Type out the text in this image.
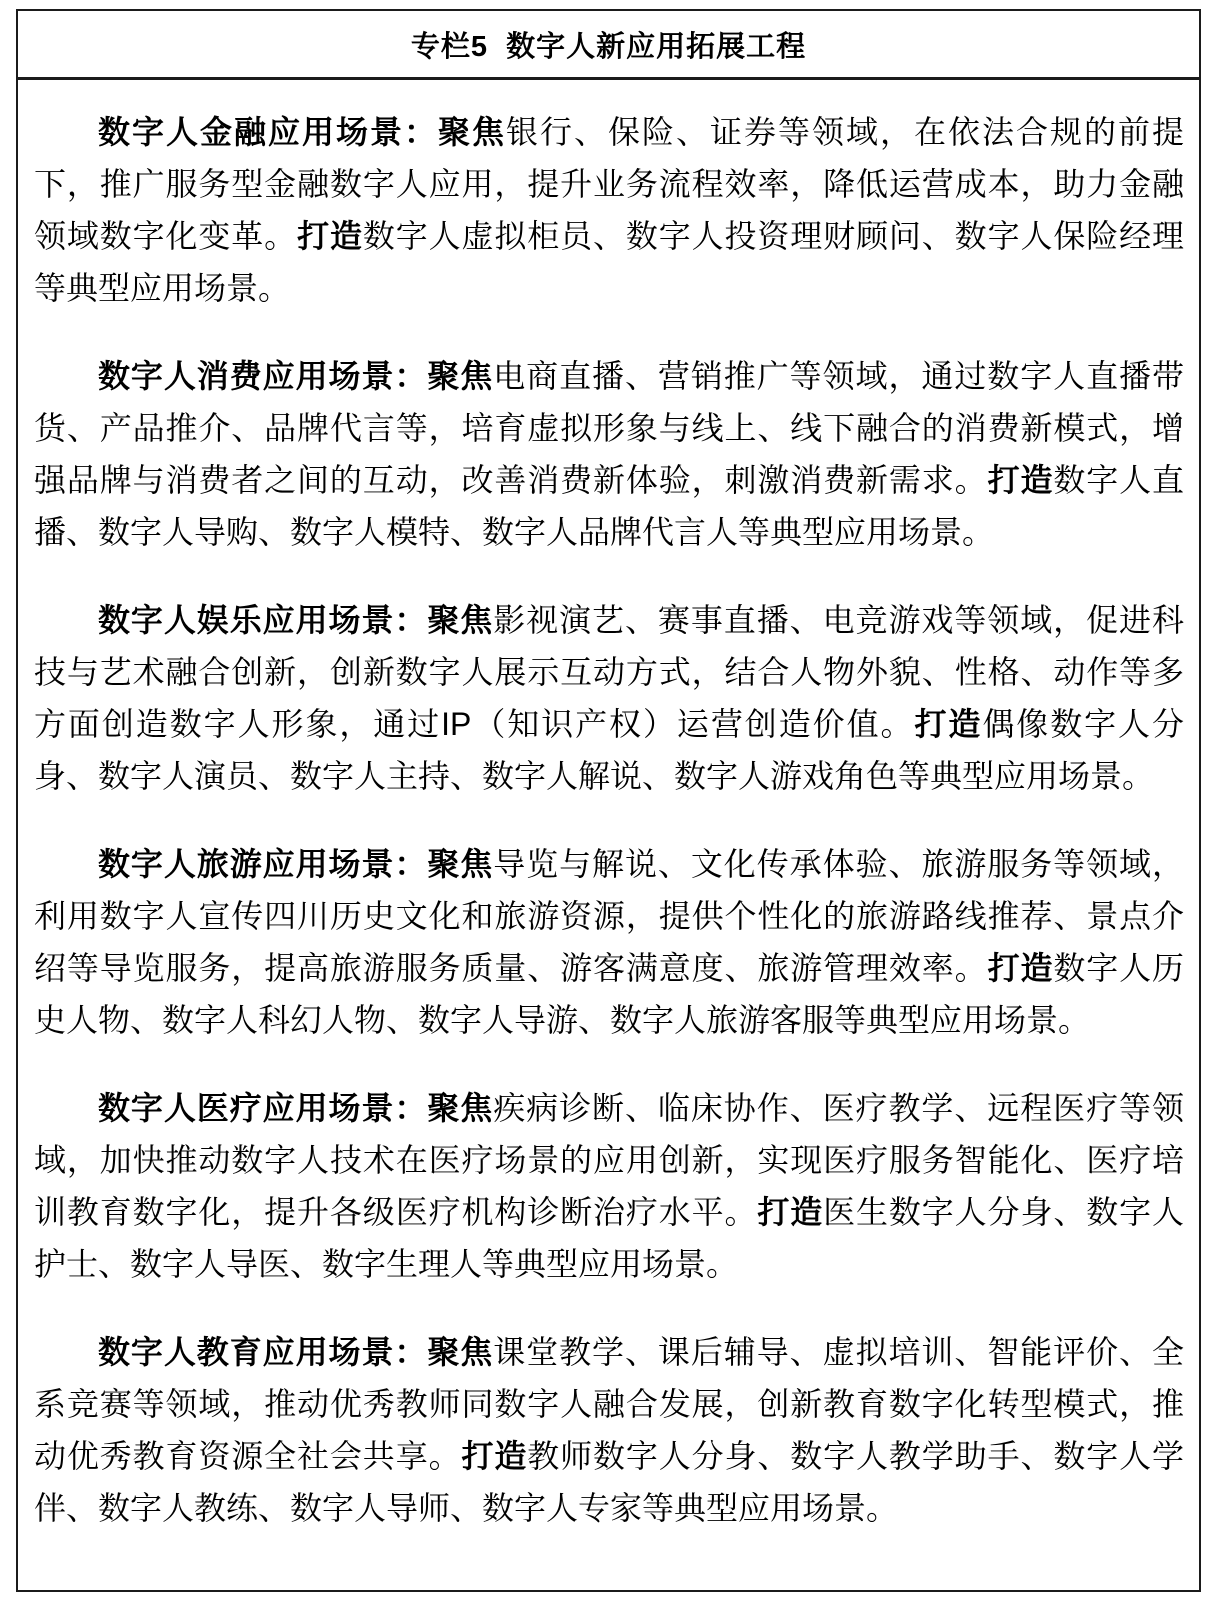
专栏5  数字人新应用拓展工程

数字人金融应用场景：聚焦银行、保险、证券等领域，在依法合规的前提下，推广服务型金融数字人应用，提升业务流程效率，降低运营成本，助力金融领域数字化变革。打造数字人虚拟柜员、数字人投资理财顾问、数字人保险经理等典型应用场景。

数字人消费应用场景：聚焦电商直播、营销推广等领域，通过数字人直播带货、产品推介、品牌代言等，培育虚拟形象与线上、线下融合的消费新模式，增强品牌与消费者之间的互动，改善消费新体验，刺激消费新需求。打造数字人直播、数字人导购、数字人模特、数字人品牌代言人等典型应用场景。

数字人娱乐应用场景：聚焦影视演艺、赛事直播、电竞游戏等领域，促进科技与艺术融合创新，创新数字人展示互动方式，结合人物外貌、性格、动作等多方面创造数字人形象，通过IP（知识产权）运营创造价值。打造偶像数字人分身、数字人演员、数字人主持、数字人解说、数字人游戏角色等典型应用场景。

数字人旅游应用场景：聚焦导览与解说、文化传承体验、旅游服务等领域，利用数字人宣传四川历史文化和旅游资源，提供个性化的旅游路线推荐、景点介绍等导览服务，提高旅游服务质量、游客满意度、旅游管理效率。打造数字人历史人物、数字人科幻人物、数字人导游、数字人旅游客服等典型应用场景。

数字人医疗应用场景：聚焦疾病诊断、临床协作、医疗教学、远程医疗等领域，加快推动数字人技术在医疗场景的应用创新，实现医疗服务智能化、医疗培训教育数字化，提升各级医疗机构诊断治疗水平。打造医生数字人分身、数字人护士、数字人导医、数字生理人等典型应用场景。

数字人教育应用场景：聚焦课堂教学、课后辅导、虚拟培训、智能评价、全系竞赛等领域，推动优秀教师同数字人融合发展，创新教育数字化转型模式，推动优秀教育资源全社会共享。打造教师数字人分身、数字人教学助手、数字人学伴、数字人教练、数字人导师、数字人专家等典型应用场景。
